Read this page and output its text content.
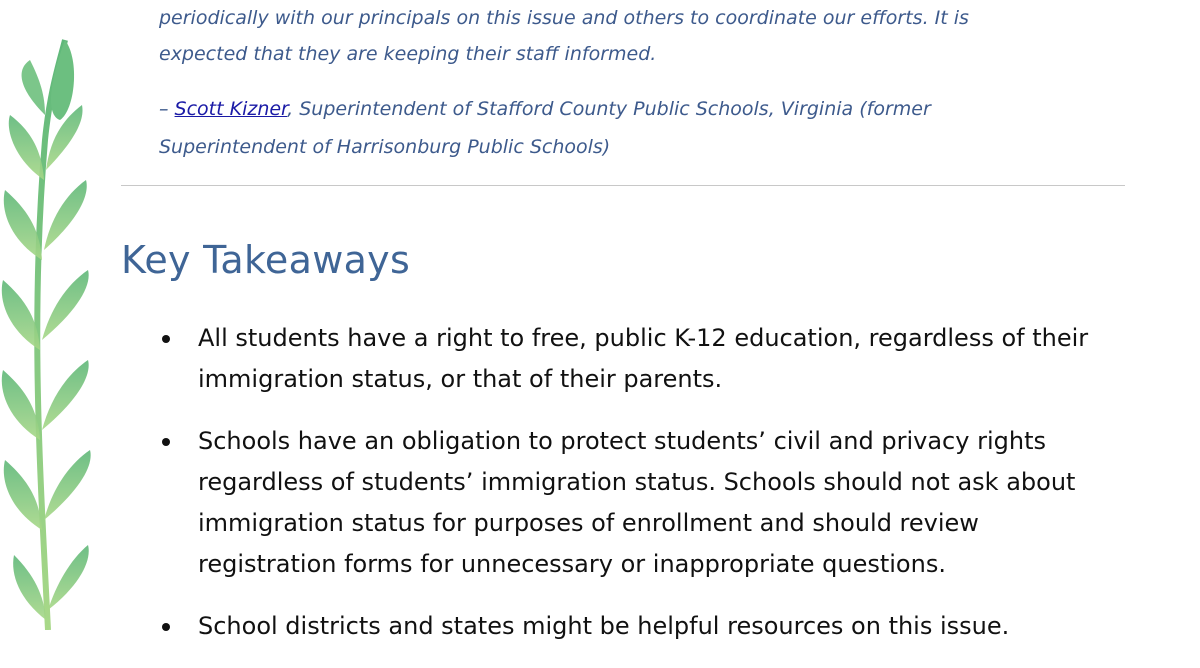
periodically with our principals on this issue and others to coordinate our efforts. It is

expected that they are keeping their staff informed.

– Scott Kizner, Superintendent of Stafford County Public Schools, Virginia (former
Superintendent of Harrisonburg Public Schools)

Key Takeaways
All students have a right to free, public K-12 education, regardless of their immigration status, or that of their parents.
Schools have an obligation to protect students’ civil and privacy rights regardless of students’ immigration status. Schools should not ask about immigration status for purposes of enrollment and should review registration forms for unnecessary or inappropriate questions.
School districts and states might be helpful resources on this issue.
